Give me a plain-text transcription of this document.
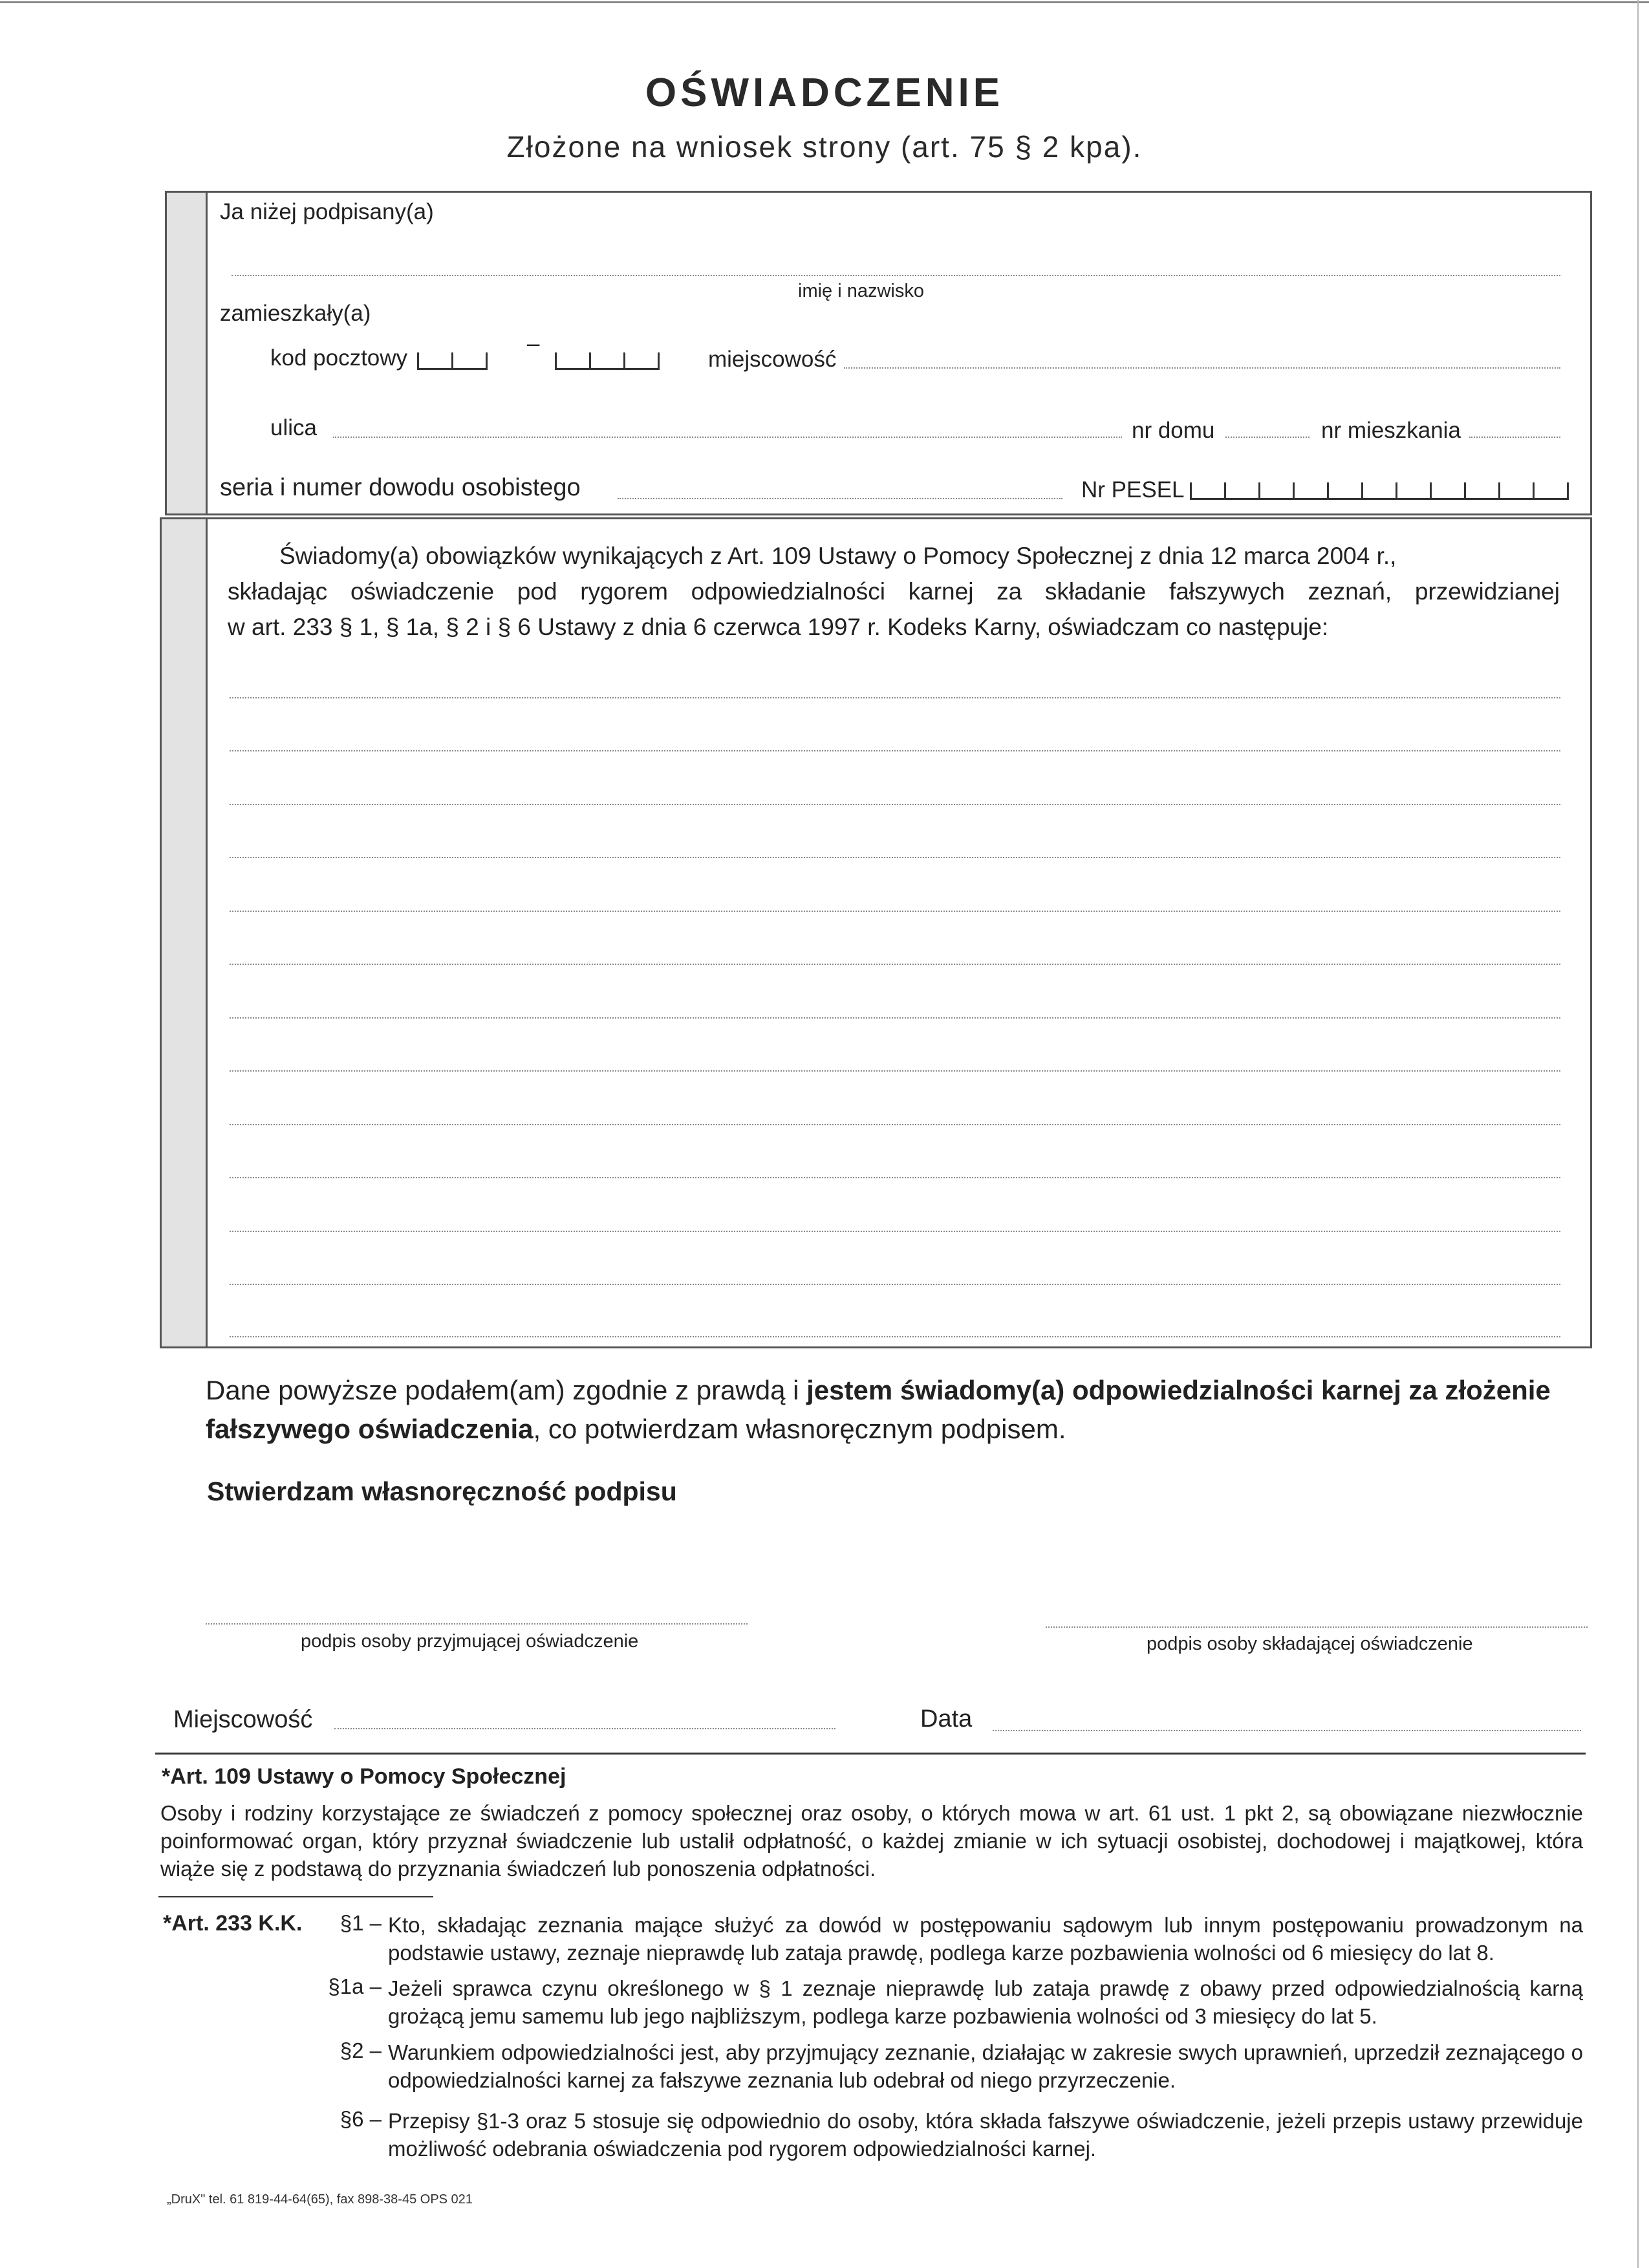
OŚWIADCZENIE
Złożone na wniosek strony (art. 75 § 2 kpa).
Ja niżej podpisany(a)
imię i nazwisko
zamieszkały(a)
kod pocztowy
–
miejscowość
ulica	nr domu	nr mieszkania
seria i numer dowodu osobistego	Nr PESEL
Świadomy(a) obowiązków wynikających z Art. 109 Ustawy o Pomocy Społecznej z dnia 12 marca 2004 r.,
składając oświadczenie pod rygorem odpowiedzialności karnej za składanie fałszywych zeznań, przewidzianej
w art. 233 § 1, § 1a, § 2 i § 6 Ustawy z dnia 6 czerwca 1997 r. Kodeks Karny, oświadczam co następuje:
Dane powyższe podałem(am) zgodnie z prawdą i jestem świadomy(a) odpowiedzialności karnej za złożenie fałszywego oświadczenia, co potwierdzam własnoręcznym podpisem.
Stwierdzam własnoręczność podpisu
podpis osoby przyjmującej oświadczenie	podpis osoby składającej oświadczenie
Miejscowość	Data
*Art. 109 Ustawy o Pomocy Społecznej
Osoby i rodziny korzystające ze świadczeń z pomocy społecznej oraz osoby, o których mowa w art. 61 ust. 1 pkt 2, są obowiązane niezwłocznie poinformować organ, który przyznał świadczenie lub ustalił odpłatność, o każdej zmianie w ich sytuacji osobistej, dochodowej i majątkowej, która wiąże się z podstawą do przyznania świadczeń lub ponoszenia odpłatności.
*Art. 233 K.K.	§1 – Kto, składając zeznania mające służyć za dowód w postępowaniu sądowym lub innym postępowaniu prowadzonym na podstawie ustawy, zeznaje nieprawdę lub zataja prawdę, podlega karze pozbawienia wolności od 6 miesięcy do lat 8.
§1a – Jeżeli sprawca czynu określonego w § 1 zeznaje nieprawdę lub zataja prawdę z obawy przed odpowiedzialnością karną grożącą jemu samemu lub jego najbliższym, podlega karze pozbawienia wolności od 3 miesięcy do lat 5.
§2 – Warunkiem odpowiedzialności jest, aby przyjmujący zeznanie, działając w zakresie swych uprawnień, uprzedził zeznającego o odpowiedzialności karnej za fałszywe zeznania lub odebrał od niego przyrzeczenie.
§6 – Przepisy §1-3 oraz 5 stosuje się odpowiednio do osoby, która składa fałszywe oświadczenie, jeżeli przepis ustawy przewiduje możliwość odebrania oświadczenia pod rygorem odpowiedzialności karnej.
„DruX" tel. 61 819-44-64(65), fax 898-38-45 OPS 021
